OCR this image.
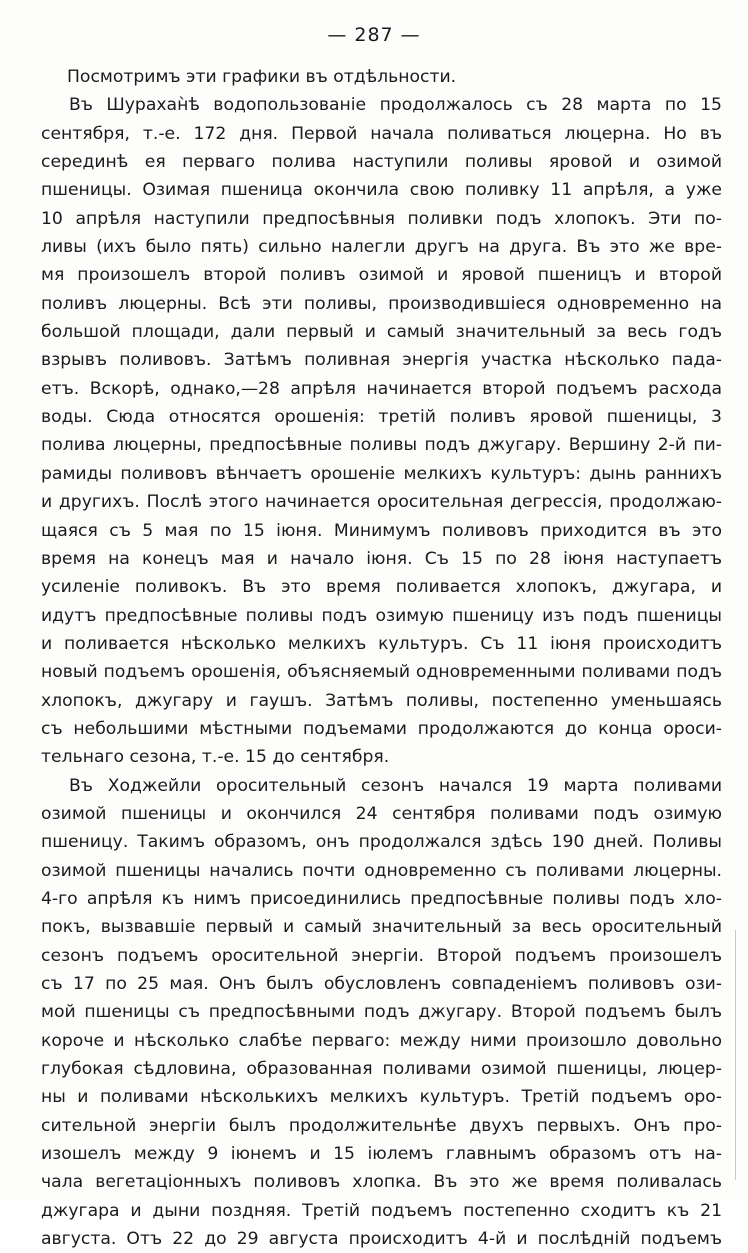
— 287 —
Посмотримъ эти графики въ отдѣльности.
Въ Шурахан̀ѣ водопользованіе продолжалось съ 28 марта по 15
сентября, т.-е. 172 дня. Первой начала поливаться люцерна. Но въ
серединѣ ея перваго полива наступили поливы яровой и озимой
пшеницы. Озимая пшеница окончила свою поливку 11 апрѣля, а уже
10 апрѣля наступили предпосѣвныя поливки подъ хлопокъ. Эти по-
ливы (ихъ было пять) сильно налегли другъ на друга. Въ это же вре-
мя произошелъ второй поливъ озимой и яровой пшеницъ и второй
поливъ люцерны. Всѣ эти поливы, производившіеся одновременно на
большой площади, дали первый и самый значительный за весь годъ
взрывъ поливовъ. Затѣмъ поливная энергія участка нѣсколько пада-
етъ. Вскорѣ, однако,—28 апрѣля начинается второй подъемъ расхода
воды. Сюда относятся орошенія: третій поливъ яровой пшеницы, 3
полива люцерны, предпосѣвные поливы подъ джугару. Вершину 2-й пи-
рамиды поливовъ вѣнчаетъ орошеніе мелкихъ культуръ: дынь раннихъ
и другихъ. Послѣ этого начинается оросительная дегрессія, продолжаю-
щаяся съ 5 мая по 15 іюня. Минимумъ поливовъ приходится въ это
время на конецъ мая и начало іюня. Съ 15 по 28 іюня наступаетъ
усиленіе поливокъ. Въ это время поливается хлопокъ, джугара, и
идутъ предпосѣвные поливы подъ озимую пшеницу изъ подъ пшеницы
и поливается нѣсколько мелкихъ культуръ. Съ 11 іюня происходитъ
новый подъемъ орошенія, объясняемый одновременными поливами подъ
хлопокъ, джугару и гаушъ. Затѣмъ поливы, постепенно уменьшаясь
съ небольшими мѣстными подъемами продолжаются до конца ороси-
тельнаго сезона, т.-е. 15 до сентября.
Въ Ходжейли оросительный сезонъ начался 19 марта поливами
озимой пшеницы и окончился 24 сентября поливами подъ озимую
пшеницу. Такимъ образомъ, онъ продолжался здѣсь 190 дней. Поливы
озимой пшеницы начались почти одновременно съ поливами люцерны.
4-го апрѣля къ нимъ присоединились предпосѣвные поливы подъ хло-
покъ, вызвавшіе первый и самый значительный за весь оросительный
сезонъ подъемъ оросительной энергіи. Второй подъемъ произошелъ
съ 17 по 25 мая. Онъ былъ обусловленъ совпаденіемъ поливовъ ози-
мой пшеницы съ предпосѣвными подъ джугару. Второй подъемъ былъ
короче и нѣсколько слабѣе перваго: между ними произошло довольно
глубокая сѣдловина, образованная поливами озимой пшеницы, люцер-
ны и поливами нѣсколькихъ мелкихъ культуръ. Третій подъемъ оро-
сительной энергіи былъ продолжительнѣе двухъ первыхъ. Онъ про-
изошелъ между 9 іюнемъ и 15 іюлемъ главнымъ образомъ отъ на-
чала вегетаціонныхъ поливовъ хлопка. Въ это же время поливалась
джугара и дыни поздняя. Третій подъемъ постепенно сходитъ къ 21
августа. Отъ 22 до 29 августа происходитъ 4-й и послѣдній подъемъ
